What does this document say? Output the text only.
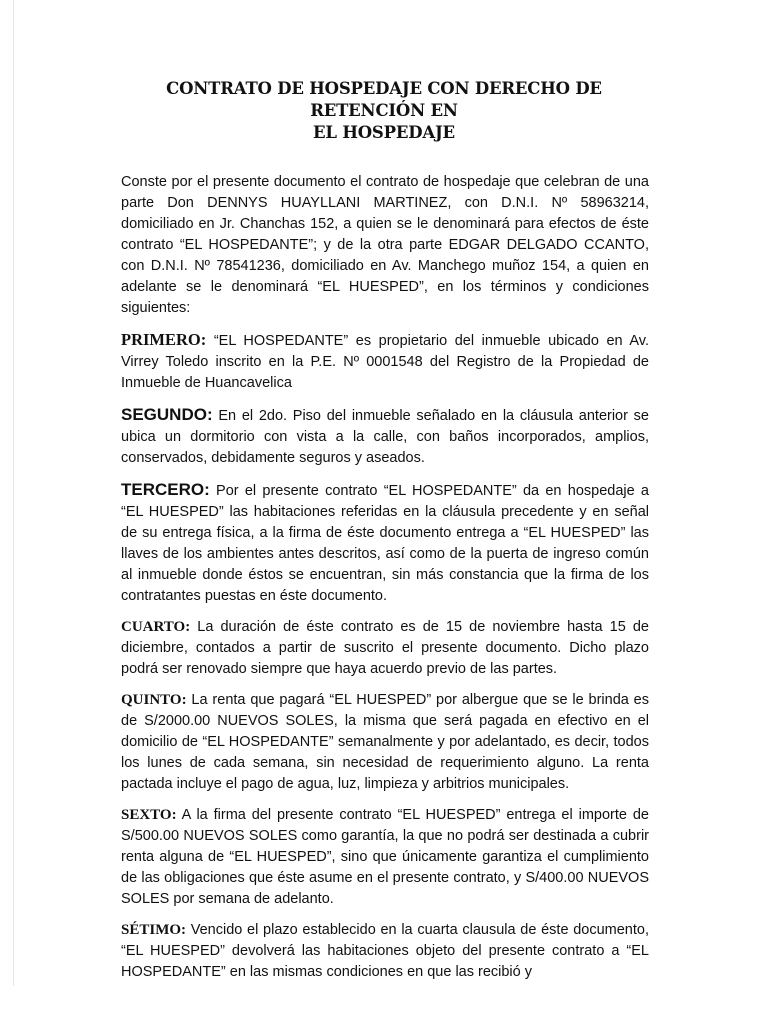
CONTRATO DE HOSPEDAJE CON DERECHO DE RETENCIÓN EN
EL HOSPEDAJE

Conste por el presente documento el contrato de hospedaje que celebran de una parte Don DENNYS HUAYLLANI MARTINEZ, con D.N.I. Nº 58963214, domiciliado en Jr. Chanchas 152, a quien se le denominará para efectos de éste contrato “EL HOSPEDANTE”; y de la otra parte EDGAR DELGADO CCANTO, con D.N.I. Nº 78541236, domiciliado en Av. Manchego muñoz 154, a quien en adelante se le denominará “EL HUESPED”, en los términos y condiciones siguientes:

PRIMERO: “EL HOSPEDANTE” es propietario del inmueble ubicado en Av. Virrey Toledo inscrito en la P.E. Nº 0001548 del Registro de la Propiedad de Inmueble de Huancavelica

SEGUNDO: En el 2do. Piso del inmueble señalado en la cláusula anterior se ubica un dormitorio con vista a la calle, con baños incorporados, amplios, conservados, debidamente seguros y aseados.

TERCERO: Por el presente contrato “EL HOSPEDANTE” da en hospedaje a “EL HUESPED” las habitaciones referidas en la cláusula precedente y en señal de su entrega física, a la firma de éste documento entrega a “EL HUESPED” las llaves de los ambientes antes descritos, así como de la puerta de ingreso común al inmueble donde éstos se encuentran, sin más constancia que la firma de los contratantes puestas en éste documento.

CUARTO: La duración de éste contrato es de 15 de noviembre hasta 15 de diciembre, contados a partir de suscrito el presente documento. Dicho plazo podrá ser renovado siempre que haya acuerdo previo de las partes.

QUINTO: La renta que pagará “EL HUESPED” por albergue que se le brinda es de S/2000.00 NUEVOS SOLES, la misma que será pagada en efectivo en el domicilio de “EL HOSPEDANTE” semanalmente y por adelantado, es decir, todos los lunes de cada semana, sin necesidad de requerimiento alguno. La renta pactada incluye el pago de agua, luz, limpieza y arbitrios municipales.

SEXTO: A la firma del presente contrato “EL HUESPED” entrega el importe de S/500.00 NUEVOS SOLES como garantía, la que no podrá ser destinada a cubrir renta alguna de “EL HUESPED”, sino que únicamente garantiza el cumplimiento de las obligaciones que éste asume en el presente contrato, y S/400.00 NUEVOS SOLES por semana de adelanto.

SÉTIMO: Vencido el plazo establecido en la cuarta clausula de éste documento, “EL HUESPED” devolverá las habitaciones objeto del presente contrato a “EL HOSPEDANTE” en las mismas condiciones en que las recibió y
